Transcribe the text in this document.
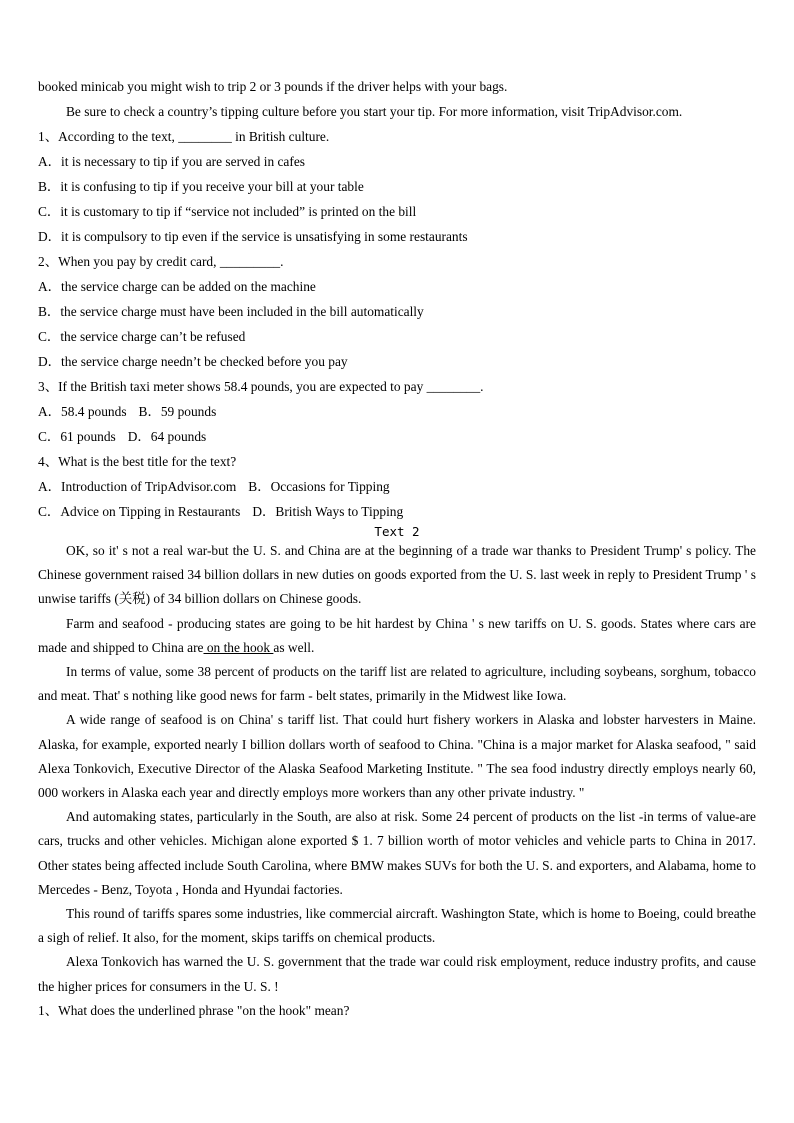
booked minicab you might wish to trip 2 or 3 pounds if the driver helps with your bags.
Be sure to check a country’s tipping culture before you start your tip. For more information, visit TripAdvisor.com.
1、According to the text, ________ in British culture.
A．it is necessary to tip if you are served in cafes
B．it is confusing to tip if you receive your bill at your table
C．it is customary to tip if “service not included” is printed on the bill
D．it is compulsory to tip even if the service is unsatisfying in some restaurants
2、When you pay by credit card, _________.
A．the service charge can be added on the machine
B．the service charge must have been included in the bill automatically
C．the service charge can’t be refused
D．the service charge needn’t be checked before you pay
3、If the British taxi meter shows 58.4 pounds, you are expected to pay ________.
A．58.4 pounds B．59 pounds
C．61 pounds D．64 pounds
4、What is the best title for the text?
A．Introduction of TripAdvisor.com B．Occasions for Tipping
C．Advice on Tipping in Restaurants D．British Ways to Tipping
Text 2

OK, so it' s not a real war-but the U. S. and China are at the beginning of a trade war thanks to President Trump' s policy. The Chinese government raised 34 billion dollars in new duties on goods exported from the U. S. last week in reply to President Trump ' s unwise tariffs (关税) of 34 billion dollars on Chinese goods.

Farm and seafood - producing states are going to be hit hardest by China ' s new tariffs on U. S. goods. States where cars are made and shipped to China are on the hook as well.

In terms of value, some 38 percent of products on the tariff list are related to agriculture, including soybeans, sorghum, tobacco and meat. That' s nothing like good news for farm - belt states, primarily in the Midwest like Iowa.

A wide range of seafood is on China' s tariff list. That could hurt fishery workers in Alaska and lobster harvesters in Maine. Alaska, for example, exported nearly I billion dollars worth of seafood to China. "China is a major market for Alaska seafood, " said Alexa Tonkovich, Executive Director of the Alaska Seafood Marketing Institute. " The sea food industry directly employs nearly 60, 000 workers in Alaska each year and directly employs more workers than any other private industry. "

And automaking states, particularly in the South, are also at risk. Some 24 percent of products on the list -in terms of value-are cars, trucks and other vehicles. Michigan alone exported $ 1. 7 billion worth of motor vehicles and vehicle parts to China in 2017. Other states being affected include South Carolina, where BMW makes SUVs for both the U. S. and exporters, and Alabama, home to Mercedes - Benz, Toyota , Honda and Hyundai factories.

This round of tariffs spares some industries, like commercial aircraft. Washington State, which is home to Boeing, could breathe a sigh of relief. It also, for the moment, skips tariffs on chemical products.

Alexa Tonkovich has warned the U. S. government that the trade war could risk employment, reduce industry profits, and cause the higher prices for consumers in the U. S. !

1、What does the underlined phrase "on the hook" mean?
